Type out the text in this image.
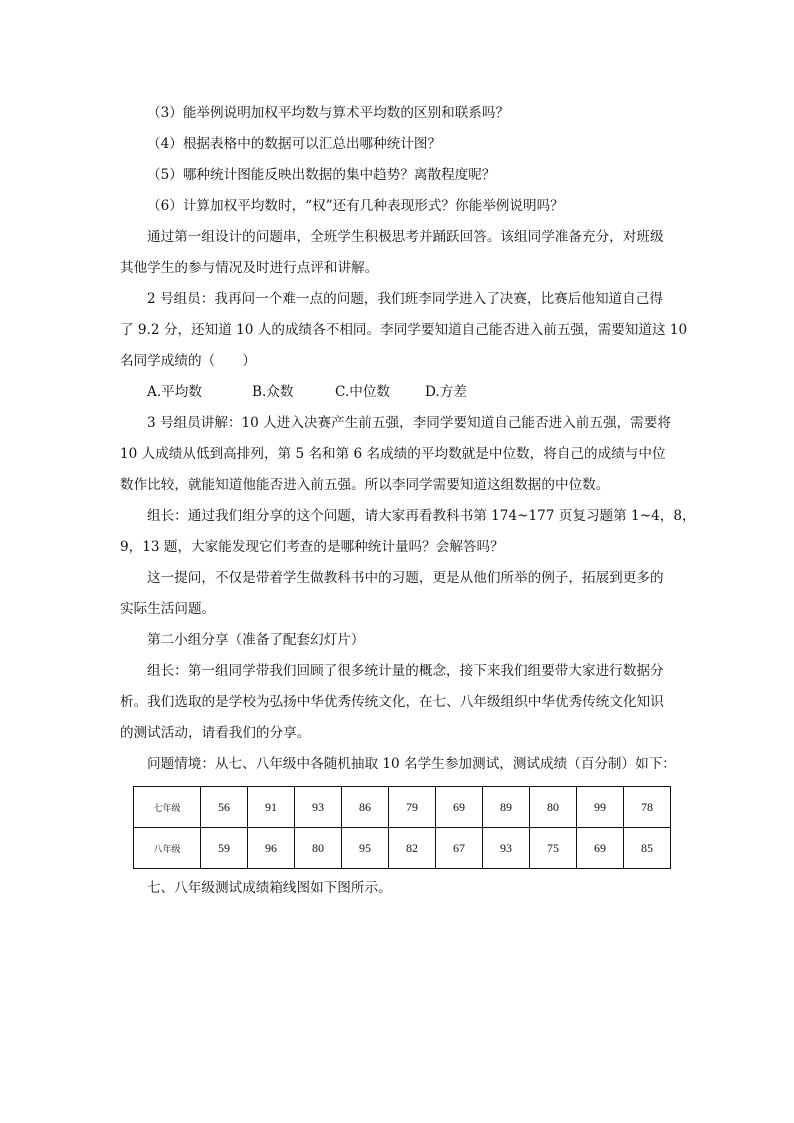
（3）能举例说明加权平均数与算术平均数的区别和联系吗？
（4）根据表格中的数据可以汇总出哪种统计图？
（5）哪种统计图能反映出数据的集中趋势？离散程度呢？
（6）计算加权平均数时，“权”还有几种表现形式？你能举例说明吗？
通过第一组设计的问题串，全班学生积极思考并踊跃回答。该组同学准备充分，对班级
其他学生的参与情况及时进行点评和讲解。
2 号组员：我再问一个难一点的问题，我们班李同学进入了决赛，比赛后他知道自己得
了 9.2 分，还知道 10 人的成绩各不相同。李同学要知道自己能否进入前五强，需要知道这 10
名同学成绩的（　　）
A.平均数	B.众数	C.中位数	D.方差
3 号组员讲解：10 人进入决赛产生前五强，李同学要知道自己能否进入前五强，需要将
10 人成绩从低到高排列，第 5 名和第 6 名成绩的平均数就是中位数，将自己的成绩与中位
数作比较，就能知道他能否进入前五强。所以李同学需要知道这组数据的中位数。
组长：通过我们组分享的这个问题，请大家再看教科书第 174~177 页复习题第 1~4，8，
9，13 题，大家能发现它们考查的是哪种统计量吗？会解答吗？
这一提问，不仅是带着学生做教科书中的习题，更是从他们所举的例子，拓展到更多的
实际生活问题。
第二小组分享（准备了配套幻灯片）
组长：第一组同学带我们回顾了很多统计量的概念，接下来我们组要带大家进行数据分
析。我们选取的是学校为弘扬中华优秀传统文化，在七、八年级组织中华优秀传统文化知识
的测试活动，请看我们的分享。
问题情境：从七、八年级中各随机抽取 10 名学生参加测试，测试成绩（百分制）如下：
七年级	56	91	93	86	79	69	89	80	99	78
八年级	59	96	80	95	82	67	93	75	69	85
七、八年级测试成绩箱线图如下图所示。
